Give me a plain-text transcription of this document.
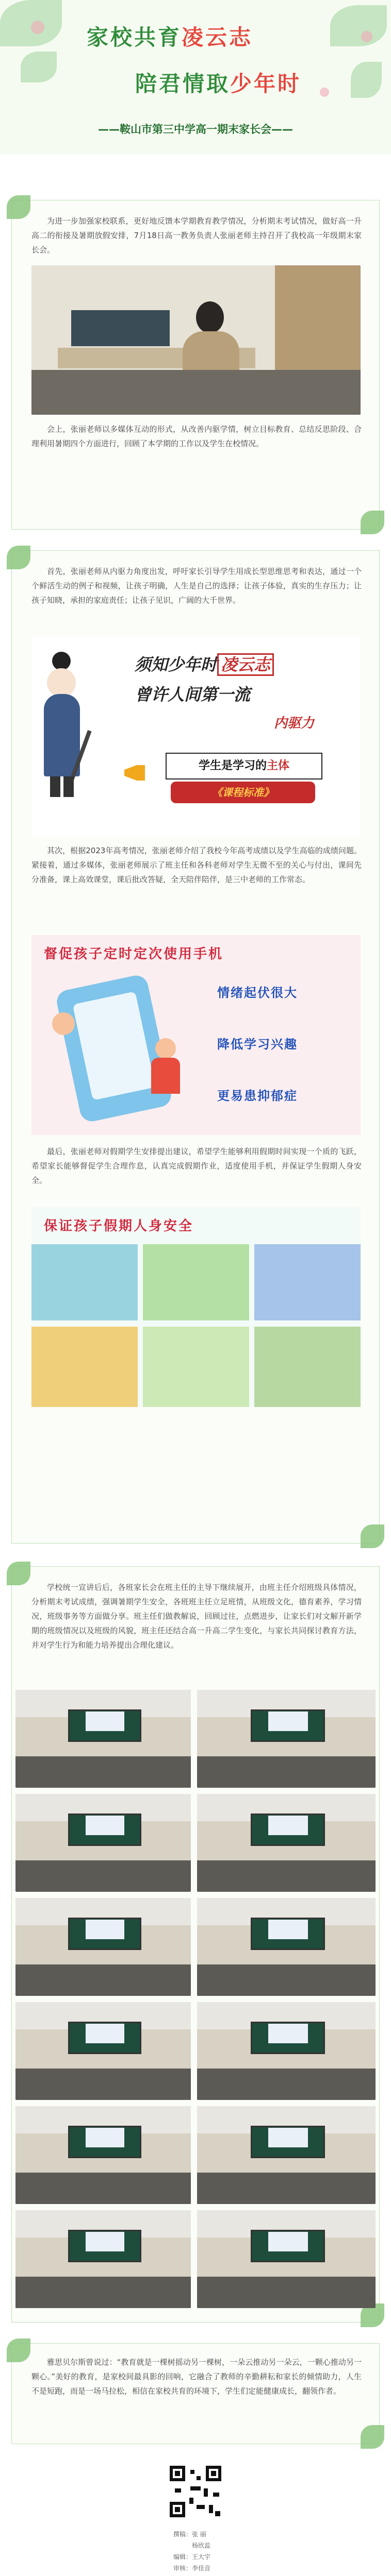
家校共育凌云志
陪君情取少年时
——鞍山市第三中学高一期末家长会——

为进一步加强家校联系，更好地反馈本学期教育教学情况，分析期末考试情况，做好高一升高二的衔接及暑期放假安排，7月18日高一教务负责人张丽老师主持召开了我校高一年级期末家长会。

会上，张丽老师以多媒体互动的形式，从改善内驱学情，树立目标教育、总结反思阶段、合理利用暑期四个方面进行，回顾了本学期的工作以及学生在校情况。

首先，张丽老师从内驱力角度出发，呼吁家长引导学生用成长型思维思考和表达，通过一个个鲜活生动的例子和视频，让孩子明确，人生是自己的选择；让孩子体验，真实的生存压力；让孩子知晓，承担的家庭责任；让孩子见识，广阔的大千世界。

须知少年时 凌云志
曾许人间第一流
内驱力
学生是学习的主体
《课程标准》

其次，根据2023年高考情况，张丽老师介绍了我校今年高考成绩以及学生高临的成绩问题。紧接着，通过多媒体，张丽老师展示了班主任和各科老师对学生无微不至的关心与付出，课间先分准备，课上高效课堂，课后批改答疑，全天陪伴陪伴，是三中老师的工作常态。

督促孩子定时定次使用手机
情绪起伏很大
降低学习兴趣
更易患抑郁症

最后，张丽老师对假期学生安排提出建议，希望学生能够利用假期时间实现一个质的飞跃，希望家长能够督促学生合理作息，认真完成假期作业，适度使用手机，并保证学生假期人身安全。

保证孩子假期人身安全

学校统一宣讲后后，各班家长会在班主任的主导下继续展开，由班主任介绍班级具体情况，分析期末考试成绩，强调暑期学生安全，各班班主任立足班情，从班级文化，德育素养，学习情况，班级事务等方面做分享。班主任们做教解说，回顾过往，点燃进步，让家长们对文解开新学期的班级情况以及班级的风貌，班主任还结合高一升高二学生变化，与家长共同探讨教育方法，并对学生行为和能力培养提出合理化建议。

雅思贝尔斯曾说过：“教育就是一棵树摇动另一棵树，一朵云推动另一朵云，一颗心推动另一颗心。”美好的教育，是家校间最具影的回响，它融合了教师的辛勤耕耘和家长的倾情助力，人生不是短跑，而是一场马拉松，相信在家校共育的环境下，学生们定能健康成长，翻领作者。

撰稿：张 丽
杨欣蕊
编辑：王大宇
审核：李佳音
